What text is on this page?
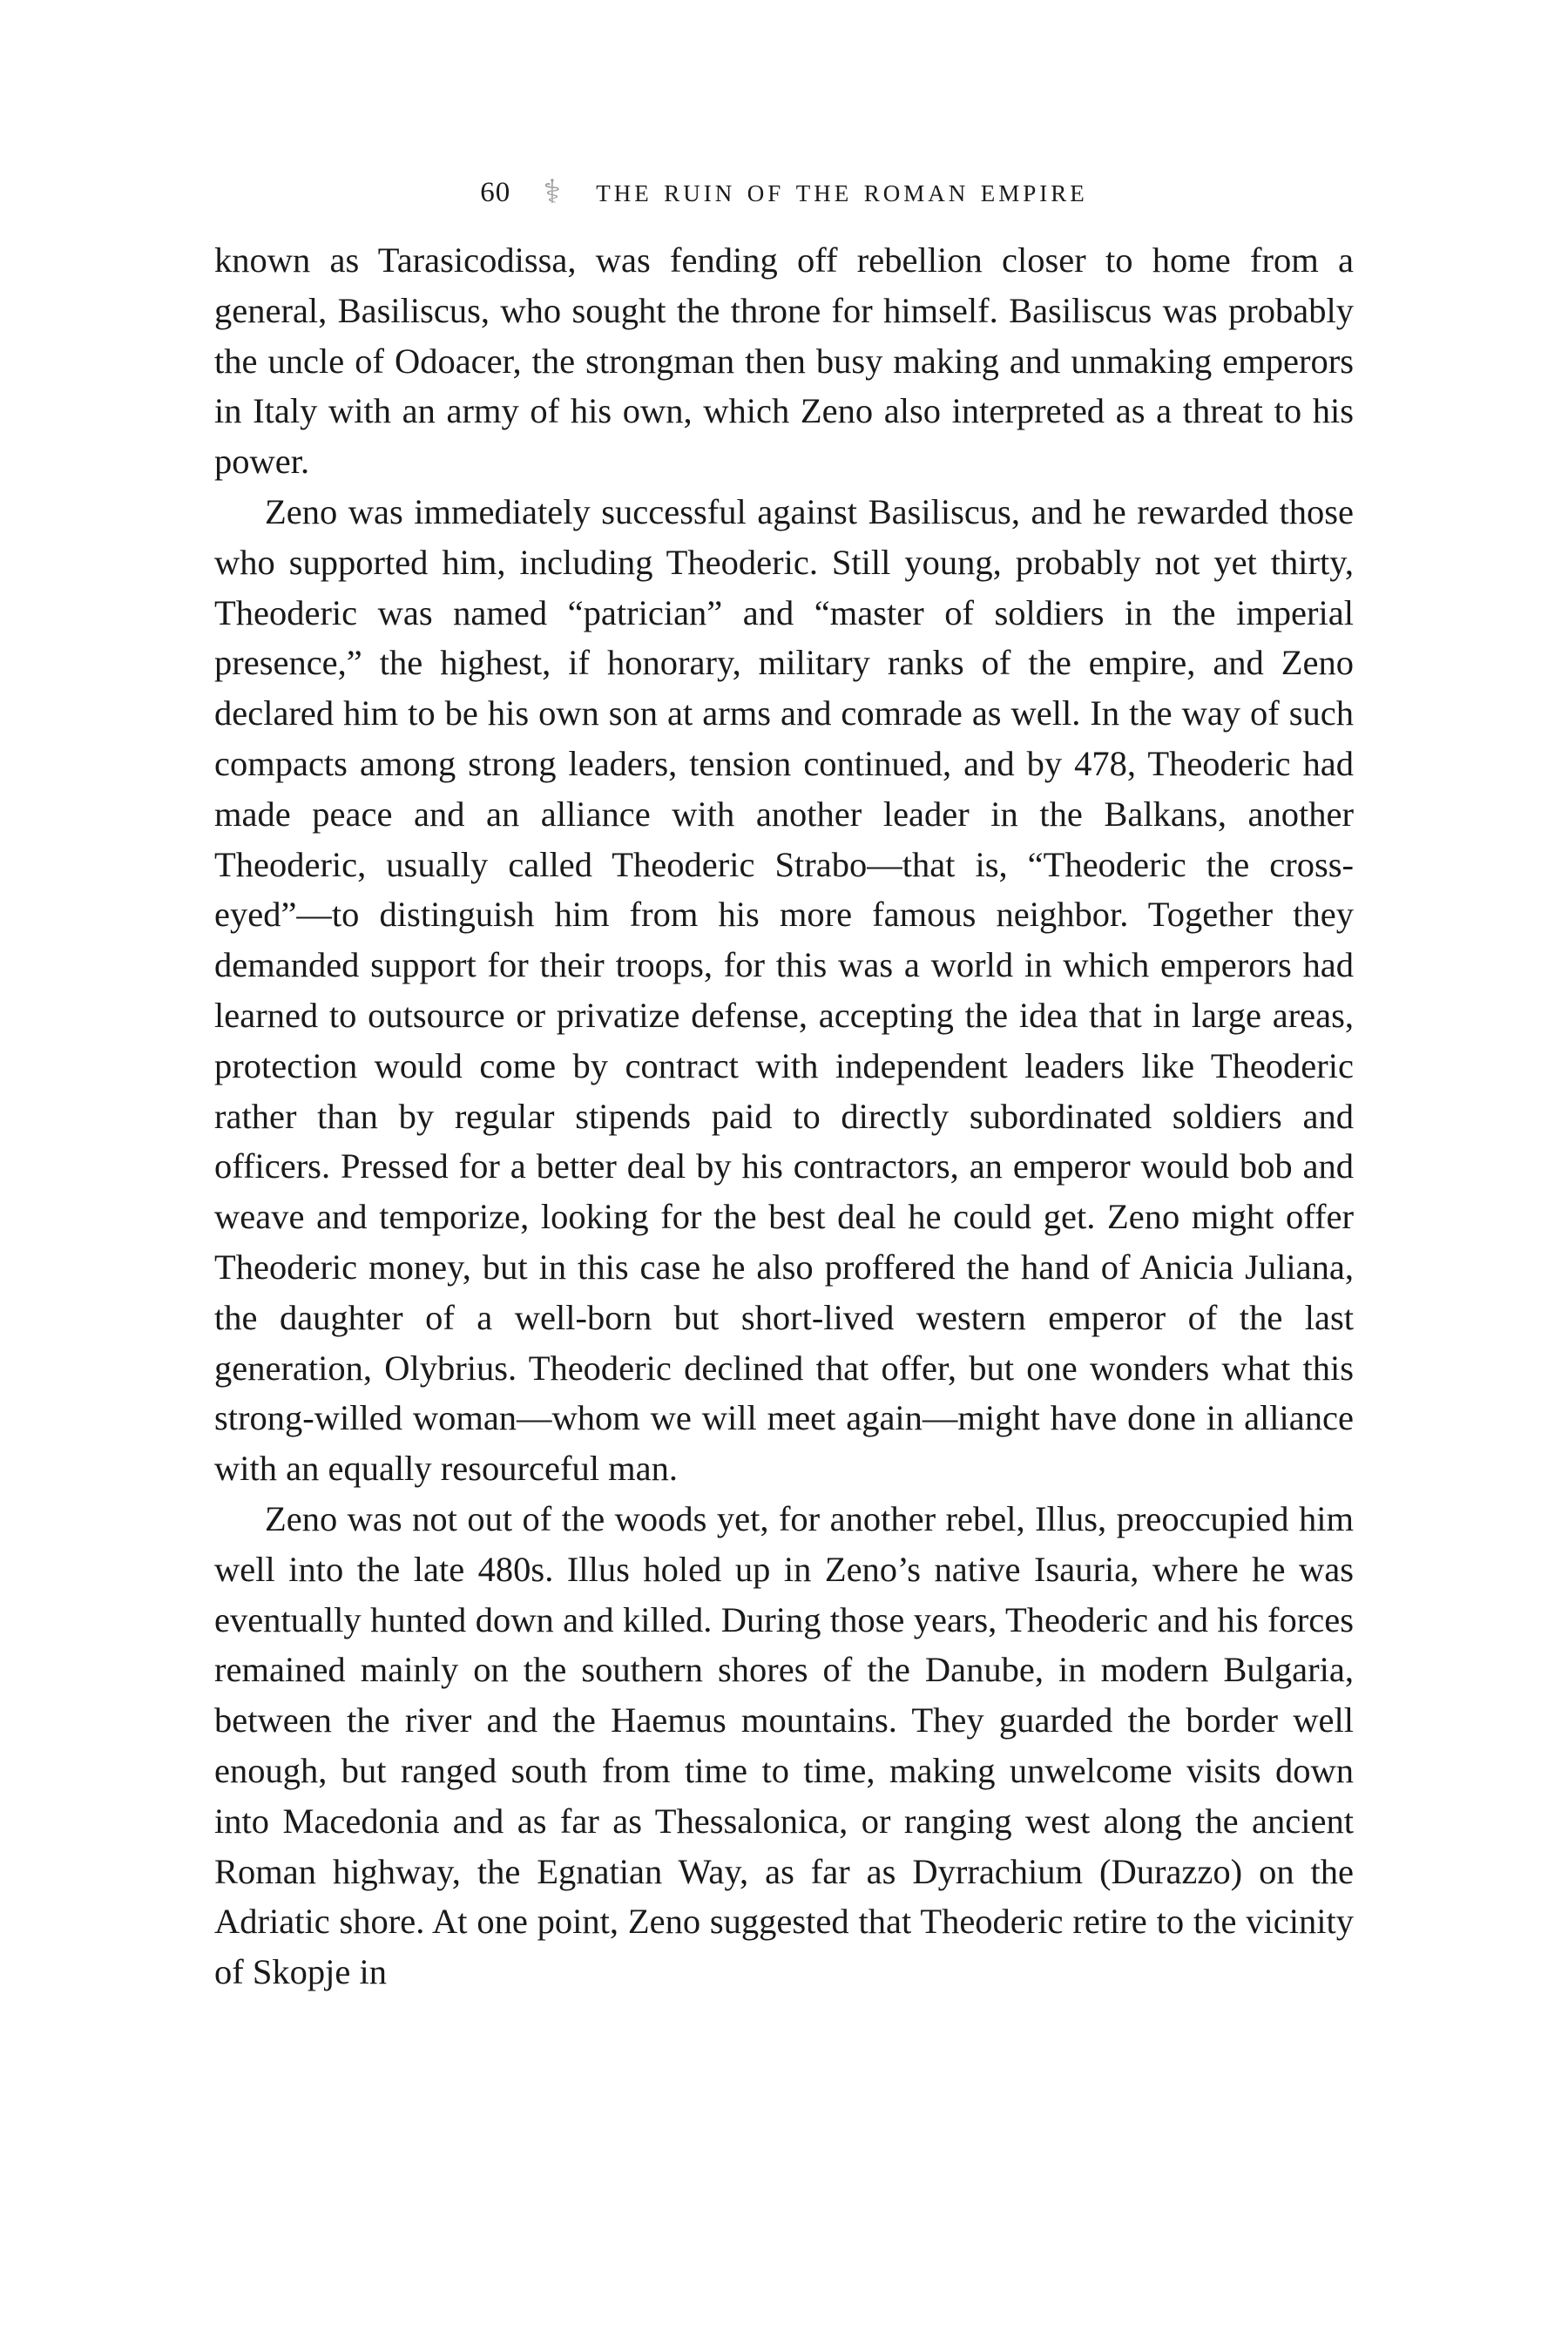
60 ⚕ the ruin of the roman empire

known as Tarasicodissa, was fending off rebellion closer to home from a general, Basiliscus, who sought the throne for himself. Basiliscus was probably the uncle of Odoacer, the strongman then busy making and unmaking emperors in Italy with an army of his own, which Zeno also interpreted as a threat to his power.

Zeno was immediately successful against Basiliscus, and he rewarded those who supported him, including Theoderic. Still young, probably not yet thirty, Theoderic was named “patrician” and “master of soldiers in the imperial presence,” the highest, if honorary, military ranks of the empire, and Zeno declared him to be his own son at arms and comrade as well. In the way of such compacts among strong leaders, tension continued, and by 478, Theoderic had made peace and an alliance with another leader in the Balkans, another Theoderic, usually called Theoderic Strabo—that is, “Theoderic the cross-eyed”—to distinguish him from his more famous neighbor. Together they demanded support for their troops, for this was a world in which emperors had learned to outsource or privatize defense, accepting the idea that in large areas, protection would come by contract with independent leaders like Theoderic rather than by regular stipends paid to directly subordinated soldiers and officers. Pressed for a better deal by his contractors, an emperor would bob and weave and temporize, looking for the best deal he could get. Zeno might offer Theoderic money, but in this case he also proffered the hand of Anicia Juliana, the daughter of a well-born but short-lived western emperor of the last generation, Olybrius. Theoderic declined that offer, but one wonders what this strong-willed woman—whom we will meet again—might have done in alliance with an equally resourceful man.

Zeno was not out of the woods yet, for another rebel, Illus, preoccupied him well into the late 480s. Illus holed up in Zeno’s native Isauria, where he was eventually hunted down and killed. During those years, Theoderic and his forces remained mainly on the southern shores of the Danube, in modern Bulgaria, between the river and the Haemus mountains. They guarded the border well enough, but ranged south from time to time, making unwelcome visits down into Macedonia and as far as Thessalonica, or ranging west along the ancient Roman highway, the Egnatian Way, as far as Dyrrachium (Durazzo) on the Adriatic shore. At one point, Zeno suggested that Theoderic retire to the vicinity of Skopje in
